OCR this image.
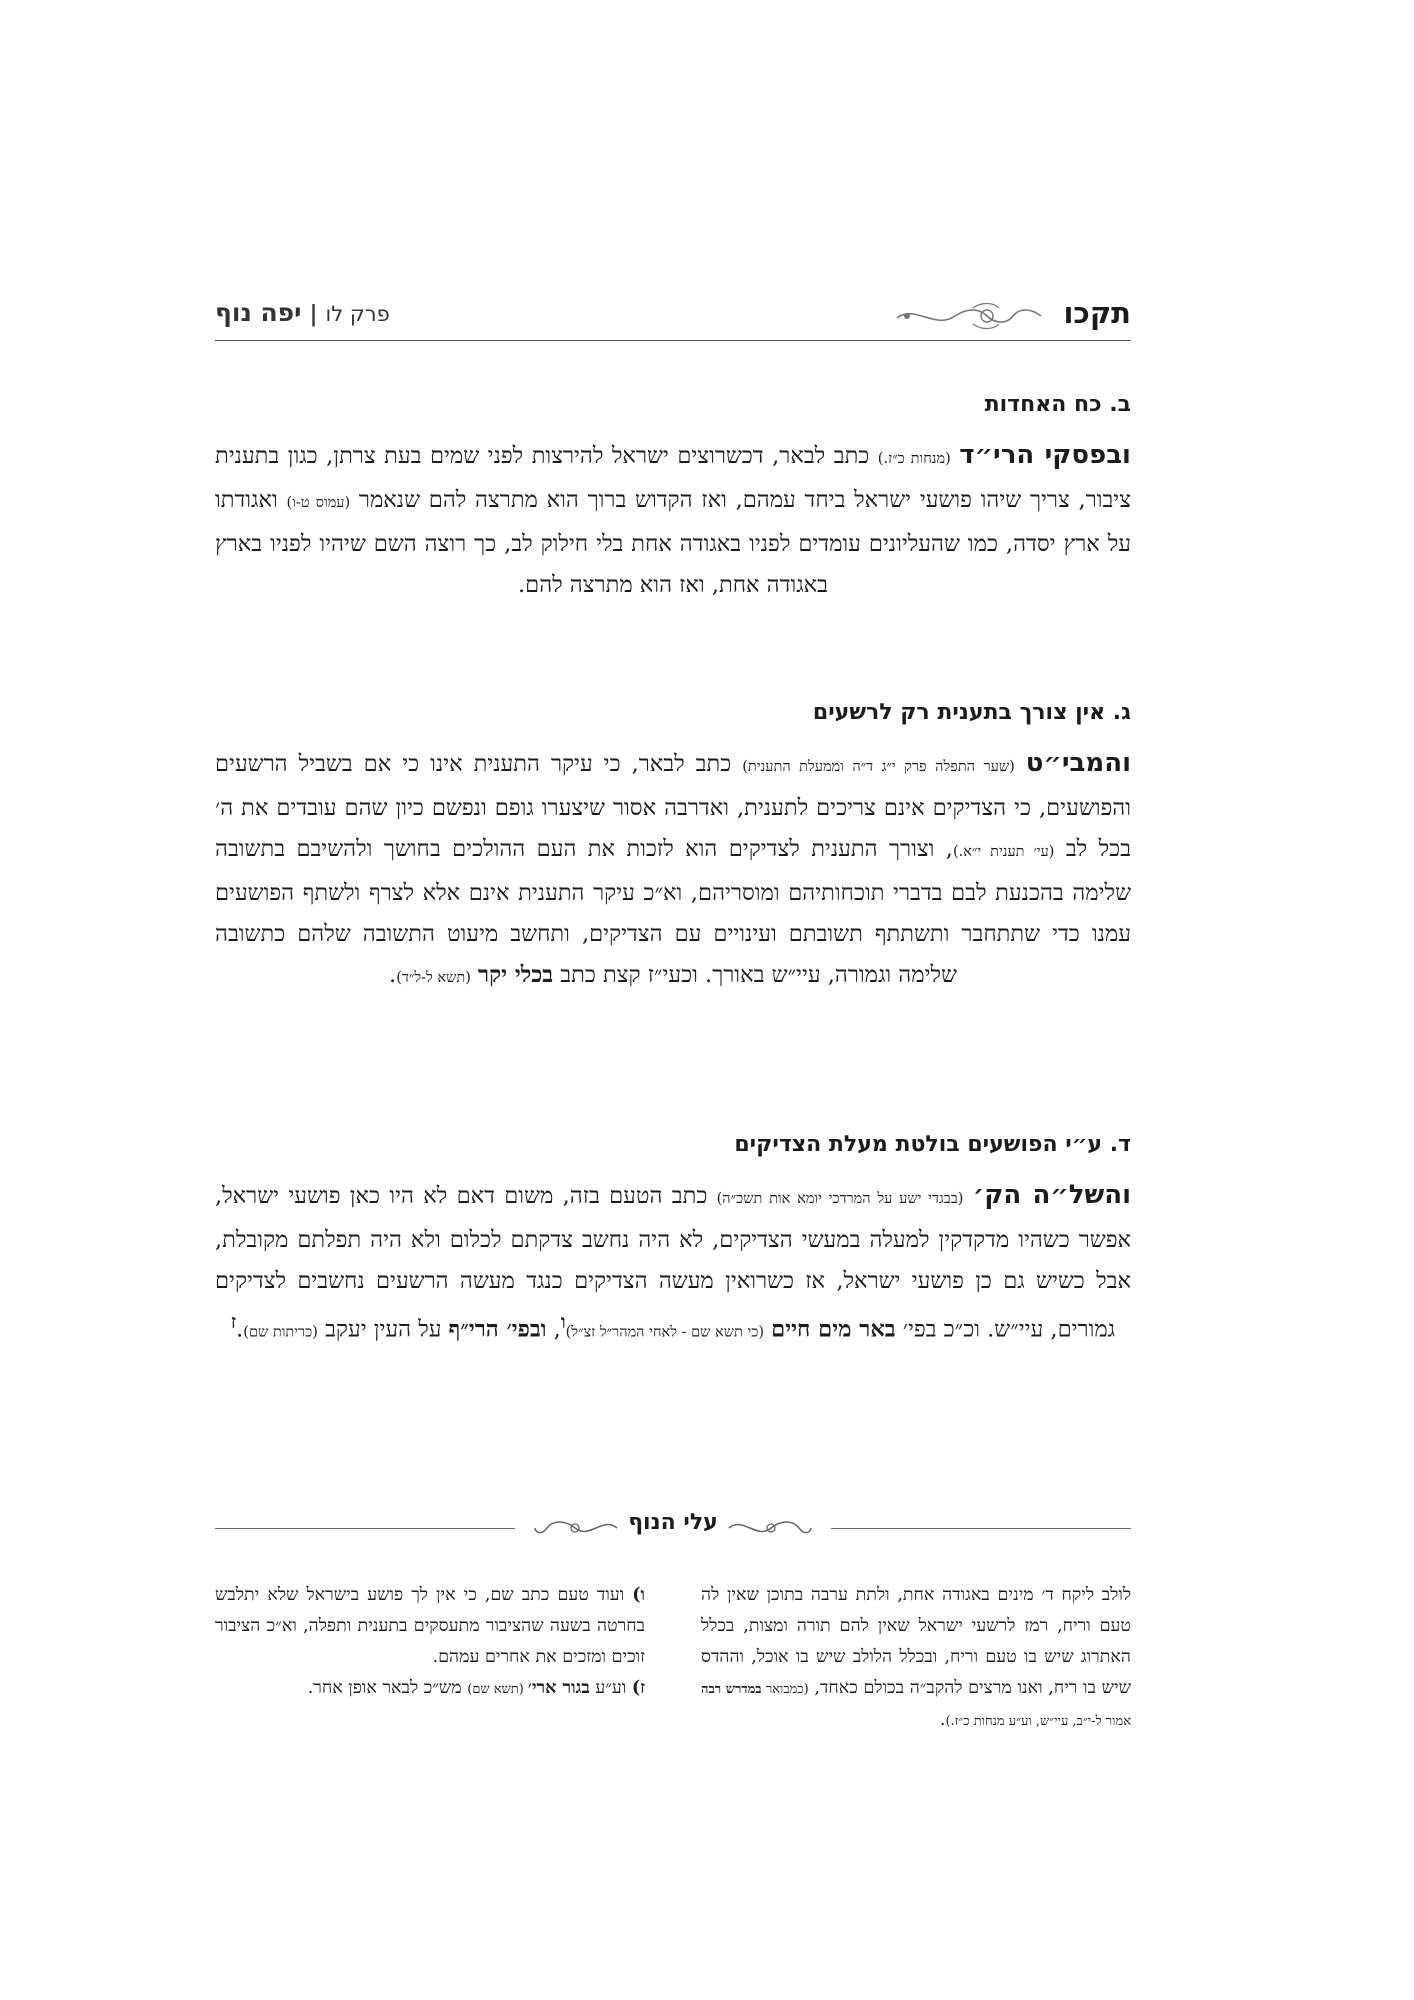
תקכו
פרק לו|יפה נוף
ב. כח האחדות

ובפסקי הרי״ד (מנחות כ״ז.) כתב לבאר, דכשרוצים ישראל להירצות לפני שמים בעת צרתן, כגון בתענית ציבור, צריך שיהו פושעי ישראל ביחד עמהם, ואז הקדוש ברוך הוא מתרצה להם שנאמר (עמוס ט-ו) ואגודתו על ארץ יסדה, כמו שהעליונים עומדים לפניו באגודה אחת בלי חילוק לב, כך רוצה השם שיהיו לפניו בארץ באגודה אחת, ואז הוא מתרצה להם.

ג. אין צורך בתענית רק לרשעים

והמבי״ט (שער התפלה פרק י״ג ד״ה וממעלת התענית) כתב לבאר, כי עיקר התענית אינו כי אם בשביל הרשעים והפושעים, כי הצדיקים אינם צריכים לתענית, ואדרבה אסור שיצערו גופם ונפשם כיון שהם עובדים את ה׳ בכל לב (עי׳ תענית י״א.), וצורך התענית לצדיקים הוא לזכות את העם ההולכים בחושך ולהשיבם בתשובה שלימה בהכנעת לבם בדברי תוכחותיהם ומוסריהם, וא״כ עיקר התענית אינם אלא לצרף ולשתף הפושעים עמנו כדי שתתחבר ותשתתף תשובתם ועינויים עם הצדיקים, ותחשב מיעוט התשובה שלהם כתשובה שלימה וגמורה, עיי״ש באורך. וכעי״ז קצת כתב בכלי יקר (תשא ל-ל״ד).

ד. ע״י הפושעים בולטת מעלת הצדיקים

והשל״ה הק׳ (בבגדי ישע על המרדכי יומא אות תשכ״ה) כתב הטעם בזה, משום דאם לא היו כאן פושעי ישראל, אפשר כשהיו מדקדקין למעלה במעשי הצדיקים, לא היה נחשב צדקתם לכלום ולא היה תפלתם מקובלת, אבל כשיש גם כן פושעי ישראל, אז כשרואין מעשה הצדיקים כנגד מעשה הרשעים נחשבים לצדיקים גמורים, עיי״ש. וכ״כ בפי׳ באר מים חיים (כי תשא שם - לאחי המהר״ל זצ״ל)$^ו$, ובפי׳ הרי״ף על העין יעקב (כריתות שם).$^ז$

עלי הנוף

לולב ליקח ד׳ מינים באגודה אחת, ולתת ערבה בתוכן שאין לה טעם וריח, רמז לרשעי ישראל שאין להם תורה ומצות, בכלל האתרוג שיש בו טעם וריח, ובכלל הלולב שיש בו אוכל, וההדס שיש בו ריח, ואנו מרצים להקב״ה בכולם כאחד, (כמבואר במדרש רבה אמור ל-י״ב, עיי״ש, וע״ע מנחות כ״ז.).

ו) ועוד טעם כתב שם, כי אין לך פושע בישראל שלא יתלבש בחרטה בשעה שהציבור מתעסקים בתענית ותפלה, וא״כ הציבור זוכים ומזכים את אחרים עמהם.

ז) וע״ע בגור ארי׳ (תשא שם) מש״כ לבאר אופן אחר.
